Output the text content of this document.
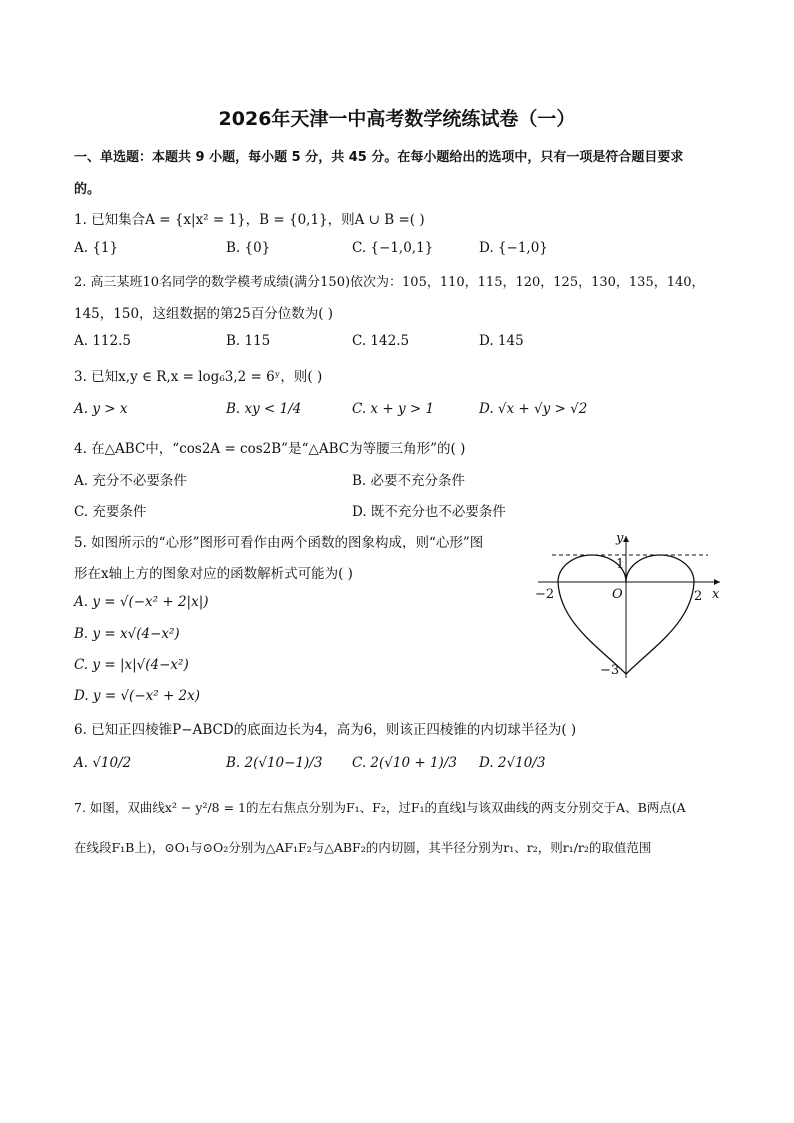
2026年天津一中高考数学统练试卷（一）
一、单选题：本题共 9 小题，每小题 5 分，共 45 分。在每小题给出的选项中，只有一项是符合题目要求
的。
1. 已知集合A = {x|x² = 1}，B = {0,1}，则A ∪ B =( )
A. {1}	B. {0}	C. {−1,0,1}	D. {−1,0}
2. 高三某班10名同学的数学模考成绩(满分150)依次为：105，110，115，120，125，130，135，140，
145，150，这组数据的第25百分位数为( )
A. 112.5	B. 115	C. 142.5	D. 145
3. 已知x,y ∈ R,x = log₆3,2 = 6ʸ，则( )
A. y > x	B. xy < 1/4	C. x + y > 1	D. √x + √y > √2
4. 在△ABC中，“cos2A = cos2B”是“△ABC为等腰三角形”的( )
A. 充分不必要条件	B. 必要不充分条件
C. 充要条件	D. 既不充分也不必要条件
5. 如图所示的“心形”图形可看作由两个函数的图象构成，则“心形”图
形在x轴上方的图象对应的函数解析式可能为( )
A. y = √(−x² + 2|x|)
B. y = x√(4−x²)
C. y = |x|√(4−x²)
D. y = √(−x² + 2x)
y
x
O
−2	2
1
−3
6. 已知正四棱锥P−ABCD的底面边长为4，高为6，则该正四棱锥的内切球半径为( )
A. √10/2	B. 2(√10−1)/3 C. 2(√10 + 1)/3 D. 2√10/3
7. 如图，双曲线x² − y²/8 = 1的左右焦点分别为F₁、F₂，过F₁的直线l与该双曲线的两支分别交于A、B两点(A
在线段F₁B上)，⊙O₁与⊙O₂分别为△AF₁F₂与△ABF₂的内切圆，其半径分别为r₁、r₂，则r₁/r₂的取值范围
